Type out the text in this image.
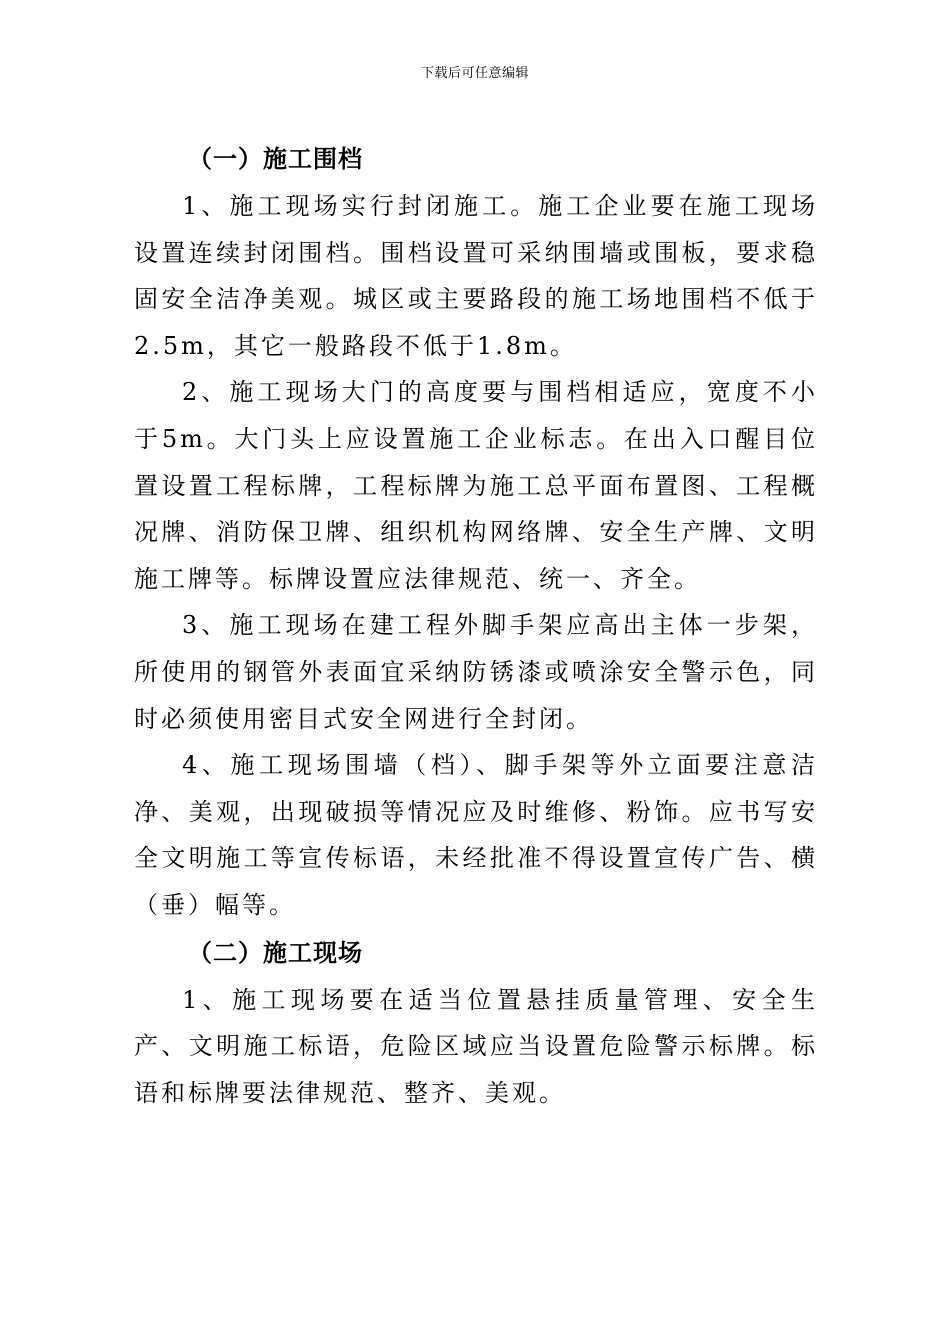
下载后可任意编辑
（一）施工围档

1、施工现场实行封闭施工。施工企业要在施工现场设置连续封闭围档。围档设置可采纳围墙或围板，要求稳固安全洁净美观。城区或主要路段的施工场地围档不低于 2.5m，其它一般路段不低于1.8m。

2、施工现场大门的高度要与围档相适应，宽度不小于5m。大门头上应设置施工企业标志。在出入口醒目位置设置工程标牌，工程标牌为施工总平面布置图、工程概况牌、消防保卫牌、组织机构网络牌、安全生产牌、文明施工牌等。标牌设置应法律规范、统一、齐全。

3、施工现场在建工程外脚手架应高出主体一步架，所使用的钢管外表面宜采纳防锈漆或喷涂安全警示色，同时必须使用密目式安全网进行全封闭。

4、施工现场围墙（档）、脚手架等外立面要注意洁净、美观，出现破损等情况应及时维修、粉饰。应书写安全文明施工等宣传标语，未经批准不得设置宣传广告、横（垂）幅等。

（二）施工现场

1、施工现场要在适当位置悬挂质量管理、安全生产、文明施工标语，危险区域应当设置危险警示标牌。标语和标牌要法律规范、整齐、美观。
